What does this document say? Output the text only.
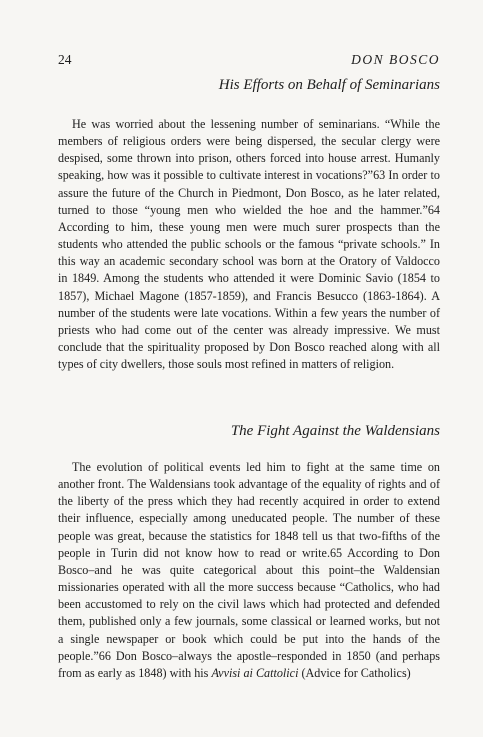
24	DON BOSCO
His Efforts on Behalf of Seminarians

He was worried about the lessening number of seminarians. “While the members of religious orders were being dispersed, the secular clergy were despised, some thrown into prison, others forced into house arrest. Humanly speaking, how was it possible to cultivate interest in vocations?”63 In order to assure the future of the Church in Piedmont, Don Bosco, as he later related, turned to those “young men who wielded the hoe and the hammer.”64 According to him, these young men were much surer prospects than the students who attended the public schools or the famous “private schools.” In this way an academic secondary school was born at the Oratory of Valdocco in 1849. Among the students who attended it were Dominic Savio (1854 to 1857), Michael Magone (1857-1859), and Francis Besucco (1863-1864). A number of the students were late vocations. Within a few years the number of priests who had come out of the center was already impressive. We must conclude that the spirituality proposed by Don Bosco reached along with all types of city dwellers, those souls most refined in matters of religion.

The Fight Against the Waldensians

The evolution of political events led him to fight at the same time on another front. The Waldensians took advantage of the equality of rights and of the liberty of the press which they had recently acquired in order to extend their influence, especially among uneducated people. The number of these people was great, because the statistics for 1848 tell us that two-fifths of the people in Turin did not know how to read or write.65 According to Don Bosco–and he was quite categorical about this point–the Waldensian missionaries operated with all the more success because “Catholics, who had been accustomed to rely on the civil laws which had protected and defended them, published only a few journals, some classical or learned works, but not a single newspaper or book which could be put into the hands of the people.”66 Don Bosco–always the apostle–responded in 1850 (and perhaps from as early as 1848) with his Avvisi ai Cattolici (Advice for Catholics)
